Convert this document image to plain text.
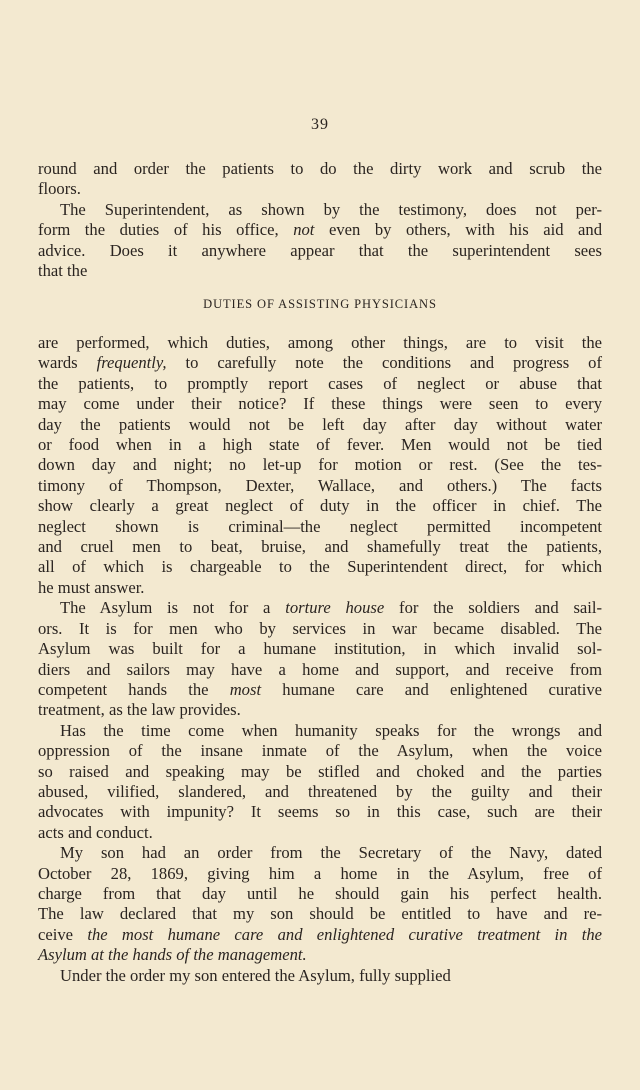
39
round and order the patients to do the dirty work and scrub the
floors.
The Superintendent, as shown by the testimony, does not per-
form the duties of his office, not even by others, with his aid and
advice. Does it anywhere appear that the superintendent sees
that the
DUTIES OF ASSISTING PHYSICIANS
are performed, which duties, among other things, are to visit the
wards frequently, to carefully note the conditions and progress of
the patients, to promptly report cases of neglect or abuse that
may come under their notice? If these things were seen to every
day the patients would not be left day after day without water
or food when in a high state of fever. Men would not be tied
down day and night; no let-up for motion or rest. (See the tes-
timony of Thompson, Dexter, Wallace, and others.) The facts
show clearly a great neglect of duty in the officer in chief. The
neglect shown is criminal—the neglect permitted incompetent
and cruel men to beat, bruise, and shamefully treat the patients,
all of which is chargeable to the Superintendent direct, for which
he must answer.
The Asylum is not for a torture house for the soldiers and sail-
ors. It is for men who by services in war became disabled. The
Asylum was built for a humane institution, in which invalid sol-
diers and sailors may have a home and support, and receive from
competent hands the most humane care and enlightened curative
treatment, as the law provides.
Has the time come when humanity speaks for the wrongs and
oppression of the insane inmate of the Asylum, when the voice
so raised and speaking may be stifled and choked and the parties
abused, vilified, slandered, and threatened by the guilty and their
advocates with impunity? It seems so in this case, such are their
acts and conduct.
My son had an order from the Secretary of the Navy, dated
October 28, 1869, giving him a home in the Asylum, free of
charge from that day until he should gain his perfect health.
The law declared that my son should be entitled to have and re-
ceive the most humane care and enlightened curative treatment in the
Asylum at the hands of the management.
Under the order my son entered the Asylum, fully supplied
